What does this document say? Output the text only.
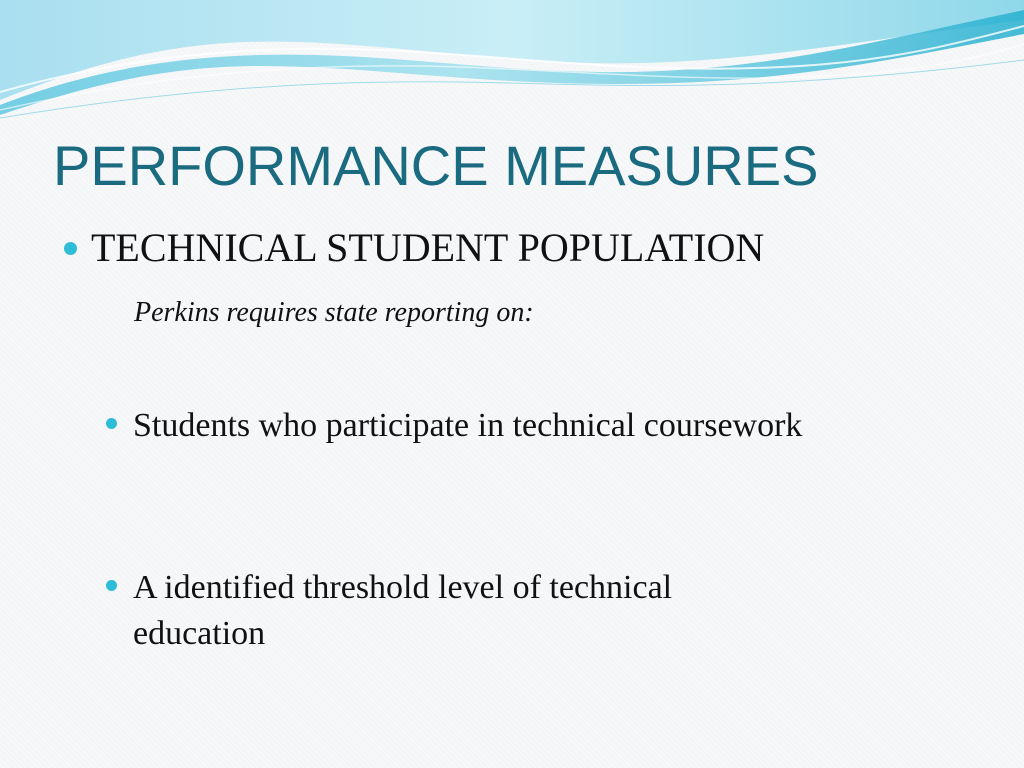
PERFORMANCE MEASURES
TECHNICAL STUDENT POPULATION
Perkins requires state reporting on:
Students who participate in technical coursework
A identified threshold level of technical education
